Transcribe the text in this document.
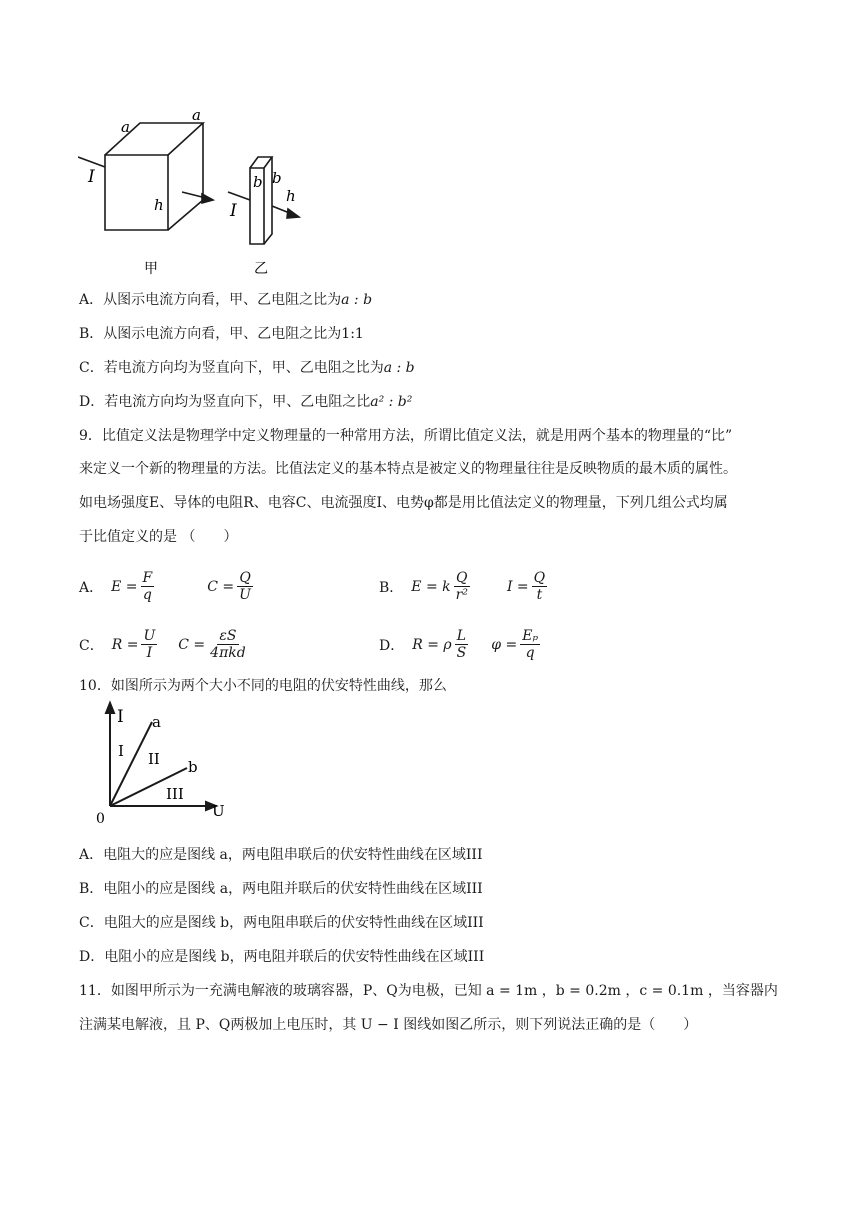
a
a
h
I	b b
h
I
甲	乙
A．从图示电流方向看，甲、乙电阻之比为a : b
B．从图示电流方向看，甲、乙电阻之比为1:1
C．若电流方向均为竖直向下，甲、乙电阻之比为a : b
D．若电流方向均为竖直向下，甲、乙电阻之比a² : b²
9．比值定义法是物理学中定义物理量的一种常用方法，所谓比值定义法，就是用两个基本的物理量的“比”
来定义一个新的物理量的方法。比值法定义的基本特点是被定义的物理量往往是反映物质的最木质的属性。
如电场强度E、导体的电阻R、电容C、电流强度I、电势φ都是用比值法定义的物理量，下列几组公式均属
于比值定义的是 （　　）
A． $E = \frac{F}{q}$	$C = \frac{Q}{U}$	B． E = k $\frac{Q}{\text{r²}}$	$I = \frac{Q}{t}$
C． $R = \frac{U}{I}$ $C = \frac{\varepsilon S}{\text{4πkd}}$	D． R = ρ $\frac{L}{S}$ $\varphi = \frac{\text{Eₚ}}{q}$
10．如图所示为两个大小不同的电阻的伏安特性曲线，那么
I
U
0
a
b
I II
III
A．电阻大的应是图线 a，两电阻串联后的伏安特性曲线在区域III
B．电阻小的应是图线 a，两电阻并联后的伏安特性曲线在区域III
C．电阻大的应是图线 b，两电阻串联后的伏安特性曲线在区域III
D．电阻小的应是图线 b，两电阻并联后的伏安特性曲线在区域III
11．如图甲所示为一充满电解液的玻璃容器，P、Q为电极，已知 a = 1m ，b = 0.2m ，c = 0.1m ，当容器内
注满某电解液，且 P、Q两极加上电压时，其 U − I 图线如图乙所示，则下列说法正确的是（　　）
